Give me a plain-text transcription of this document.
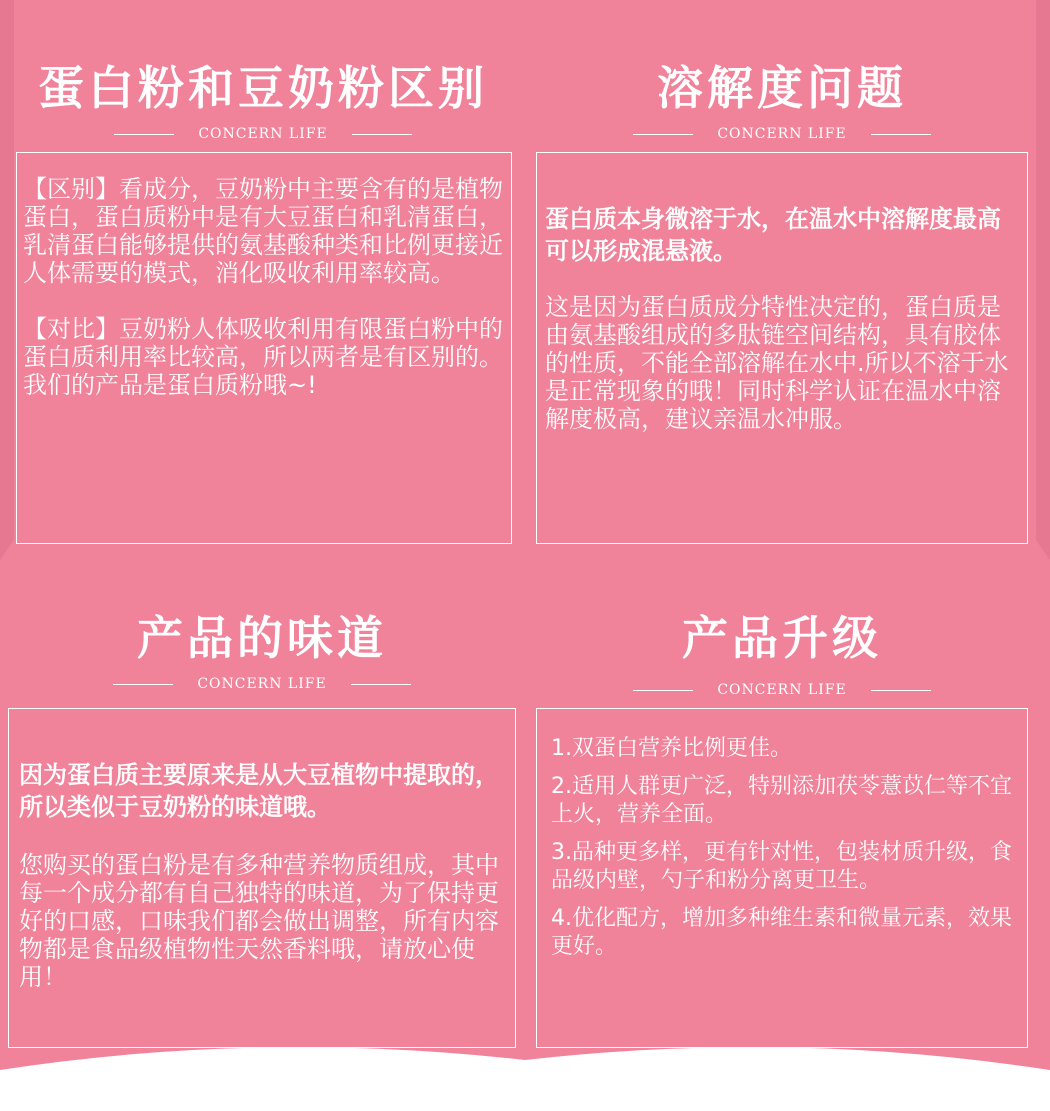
蛋白粉和豆奶粉区别
CONCERN LIFE

【区别】看成分，豆奶粉中主要含有的是植物蛋白，蛋白质粉中是有大豆蛋白和乳清蛋白，乳清蛋白能够提供的氨基酸种类和比例更接近人体需要的模式，消化吸收利用率较高。

【对比】豆奶粉人体吸收利用有限蛋白粉中的蛋白质利用率比较高，所以两者是有区别的。我们的产品是蛋白质粉哦~!

溶解度问题
CONCERN LIFE

蛋白质本身微溶于水，在温水中溶解度最高可以形成混悬液。

这是因为蛋白质成分特性决定的，蛋白质是由氨基酸组成的多肽链空间结构，具有胶体的性质，不能全部溶解在水中.所以不溶于水是正常现象的哦！同时科学认证在温水中溶解度极高，建议亲温水冲服。

产品的味道
CONCERN LIFE

因为蛋白质主要原来是从大豆植物中提取的，所以类似于豆奶粉的味道哦。

您购买的蛋白粉是有多种营养物质组成，其中每一个成分都有自己独特的味道，为了保持更好的口感，口味我们都会做出调整，所有内容物都是食品级植物性天然香料哦，请放心使用！

产品升级
CONCERN LIFE

1.双蛋白营养比例更佳。

2.适用人群更广泛，特别添加茯苓薏苡仁等不宜上火，营养全面。

3.品种更多样，更有针对性，包装材质升级，食品级内壁，勺子和粉分离更卫生。

4.优化配方，增加多种维生素和微量元素，效果更好。
